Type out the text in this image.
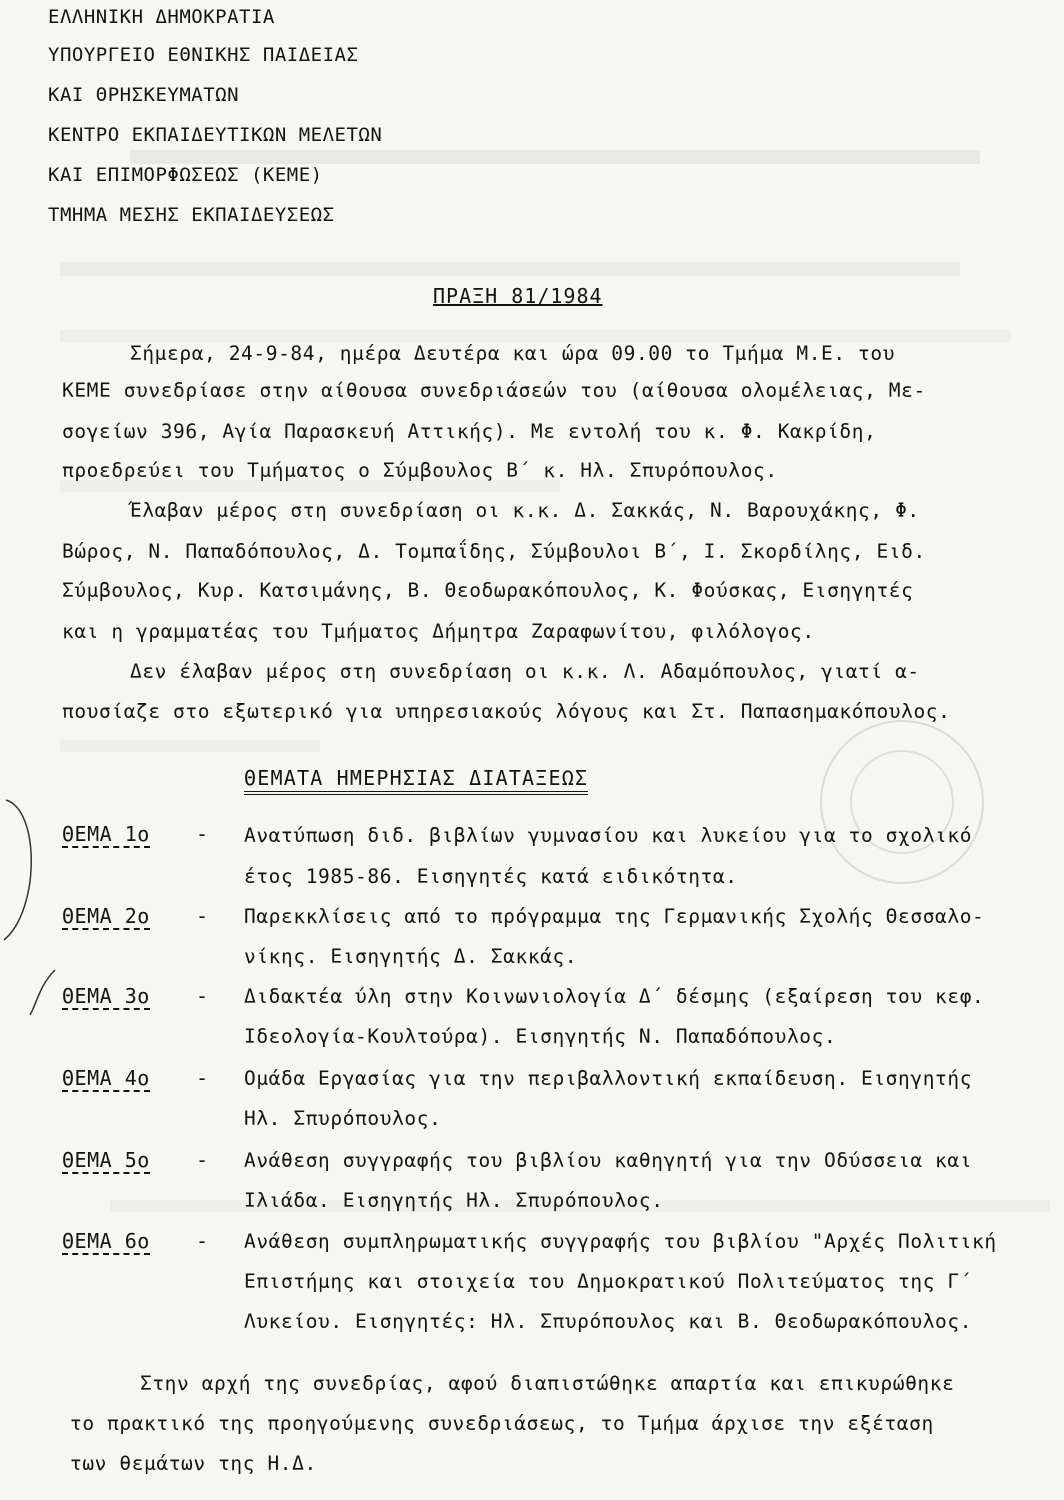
ΕΛΛΗΝΙΚΗ ΔΗΜΟΚΡΑΤΙΑ
ΥΠΟΥΡΓΕΙΟ ΕΘΝΙΚΗΣ ΠΑΙΔΕΙΑΣ
ΚΑΙ ΘΡΗΣΚΕΥΜΑΤΩΝ
ΚΕΝΤΡΟ ΕΚΠΑΙΔΕΥΤΙΚΩΝ ΜΕΛΕΤΩΝ
ΚΑΙ ΕΠΙΜΟΡΦΩΣΕΩΣ (ΚΕΜΕ)
ΤΜΗΜΑ ΜΕΣΗΣ ΕΚΠΑΙΔΕΥΣΕΩΣ
ΠΡΑΞΗ 81/1984
Σήμερα, 24-9-84, ημέρα Δευτέρα και ώρα 09.00 το Τμήμα Μ.Ε. του
ΚΕΜΕ συνεδρίασε στην αίθουσα συνεδριάσεών του (αίθουσα ολομέλειας, Με-
σογείων 396, Αγία Παρασκευή Αττικής). Με εντολή του κ. Φ. Κακρίδη,
προεδρεύει του Τμήματος ο Σύμβουλος Β΄ κ. Ηλ. Σπυρόπουλος.
Έλαβαν μέρος στη συνεδρίαση οι κ.κ. Δ. Σακκάς, Ν. Βαρουχάκης, Φ.
Βώρος, Ν. Παπαδόπουλος, Δ. Τομπαΐδης, Σύμβουλοι Β΄, Ι. Σκορδίλης, Ειδ.
Σύμβουλος, Κυρ. Κατσιμάνης, Β. Θεοδωρακόπουλος, Κ. Φούσκας, Εισηγητές
και η γραμματέας του Τμήματος Δήμητρα Ζαραφωνίτου, φιλόλογος.
Δεν έλαβαν μέρος στη συνεδρίαση οι κ.κ. Λ. Αδαμόπουλος, γιατί α-
πουσίαζε στο εξωτερικό για υπηρεσιακούς λόγους και Στ. Παπασημακόπουλος.
ΘΕΜΑΤΑ ΗΜΕΡΗΣΙΑΣ ΔΙΑΤΑΞΕΩΣ
ΘΕΜΑ 1ο - Ανατύπωση διδ. βιβλίων γυμνασίου και λυκείου για το σχολικό
έτος 1985-86. Εισηγητές κατά ειδικότητα.
ΘΕΜΑ 2ο - Παρεκκλίσεις από το πρόγραμμα της Γερμανικής Σχολής Θεσσαλο-
νίκης. Εισηγητής Δ. Σακκάς.
ΘΕΜΑ 3ο - Διδακτέα ύλη στην Κοινωνιολογία Δ΄ δέσμης (εξαίρεση του κεφ.
Ιδεολογία-Κουλτούρα). Εισηγητής Ν. Παπαδόπουλος.
ΘΕΜΑ 4ο - Ομάδα Εργασίας για την περιβαλλοντική εκπαίδευση. Εισηγητής
Ηλ. Σπυρόπουλος.
ΘΕΜΑ 5ο - Ανάθεση συγγραφής του βιβλίου καθηγητή για την Οδύσσεια και
Ιλιάδα. Εισηγητής Ηλ. Σπυρόπουλος.
ΘΕΜΑ 6ο - Ανάθεση συμπληρωματικής συγγραφής του βιβλίου "Αρχές Πολιτική
Επιστήμης και στοιχεία του Δημοκρατικού Πολιτεύματος της Γ΄
Λυκείου. Εισηγητές: Ηλ. Σπυρόπουλος και Β. Θεοδωρακόπουλος.
Στην αρχή της συνεδρίας, αφού διαπιστώθηκε απαρτία και επικυρώθηκε
το πρακτικό της προηγούμενης συνεδριάσεως, το Τμήμα άρχισε την εξέταση
των θεμάτων της Η.Δ.
